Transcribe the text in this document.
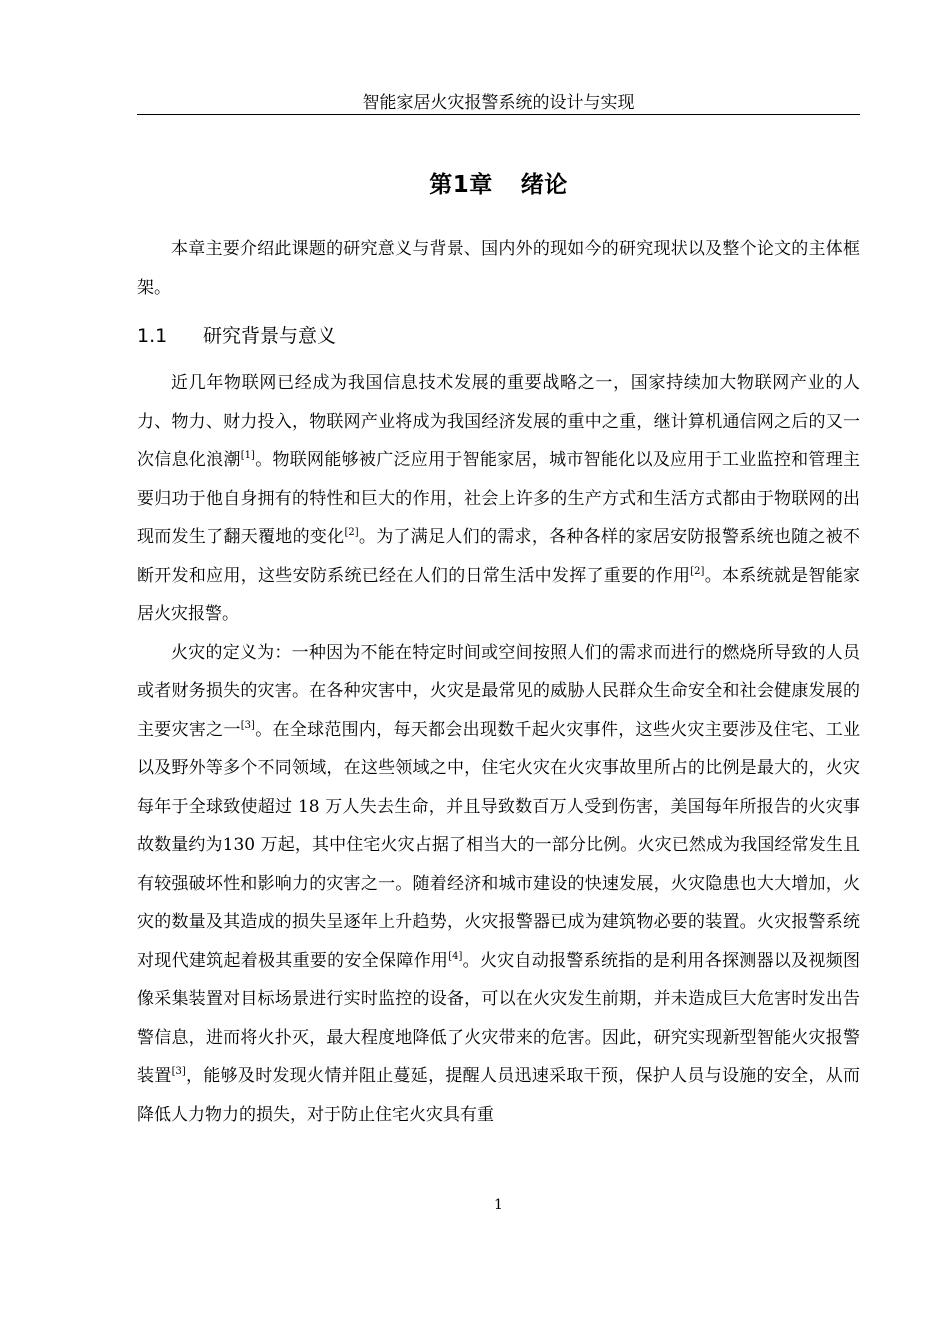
智能家居火灾报警系统的设计与实现
第1章 绪论

本章主要介绍此课题的研究意义与背景、国内外的现如今的研究现状以及整个论文的主体框架。

1.1 研究背景与意义

近几年物联网已经成为我国信息技术发展的重要战略之一，国家持续加大物联网产业的人力、物力、财力投入，物联网产业将成为我国经济发展的重中之重，继计算机通信网之后的又一次信息化浪潮[1]。物联网能够被广泛应用于智能家居，城市智能化以及应用于工业监控和管理主要归功于他自身拥有的特性和巨大的作用，社会上许多的生产方式和生活方式都由于物联网的出现而发生了翻天覆地的变化[2]。为了满足人们的需求，各种各样的家居安防报警系统也随之被不断开发和应用，这些安防系统已经在人们的日常生活中发挥了重要的作用[2]。本系统就是智能家居火灾报警。

火灾的定义为：一种因为不能在特定时间或空间按照人们的需求而进行的燃烧所导致的人员或者财务损失的灾害。在各种灾害中，火灾是最常见的威胁人民群众生命安全和社会健康发展的主要灾害之一[3]。在全球范围内，每天都会出现数千起火灾事件，这些火灾主要涉及住宅、工业以及野外等多个不同领域，在这些领域之中，住宅火灾在火灾事故里所占的比例是最大的，火灾每年于全球致使超过 18 万人失去生命，并且导致数百万人受到伤害，美国每年所报告的火灾事故数量约为130 万起，其中住宅火灾占据了相当大的一部分比例。火灾已然成为我国经常发生且有较强破坏性和影响力的灾害之一。随着经济和城市建设的快速发展，火灾隐患也大大增加，火灾的数量及其造成的损失呈逐年上升趋势，火灾报警器已成为建筑物必要的装置。火灾报警系统对现代建筑起着极其重要的安全保障作用[4]。火灾自动报警系统指的是利用各探测器以及视频图像采集装置对目标场景进行实时监控的设备，可以在火灾发生前期，并未造成巨大危害时发出告警信息，进而将火扑灭，最大程度地降低了火灾带来的危害。因此，研究实现新型智能火灾报警装置[3]，能够及时发现火情并阻止蔓延，提醒人员迅速采取干预，保护人员与设施的安全，从而降低人力物力的损失，对于防止住宅火灾具有重

1
